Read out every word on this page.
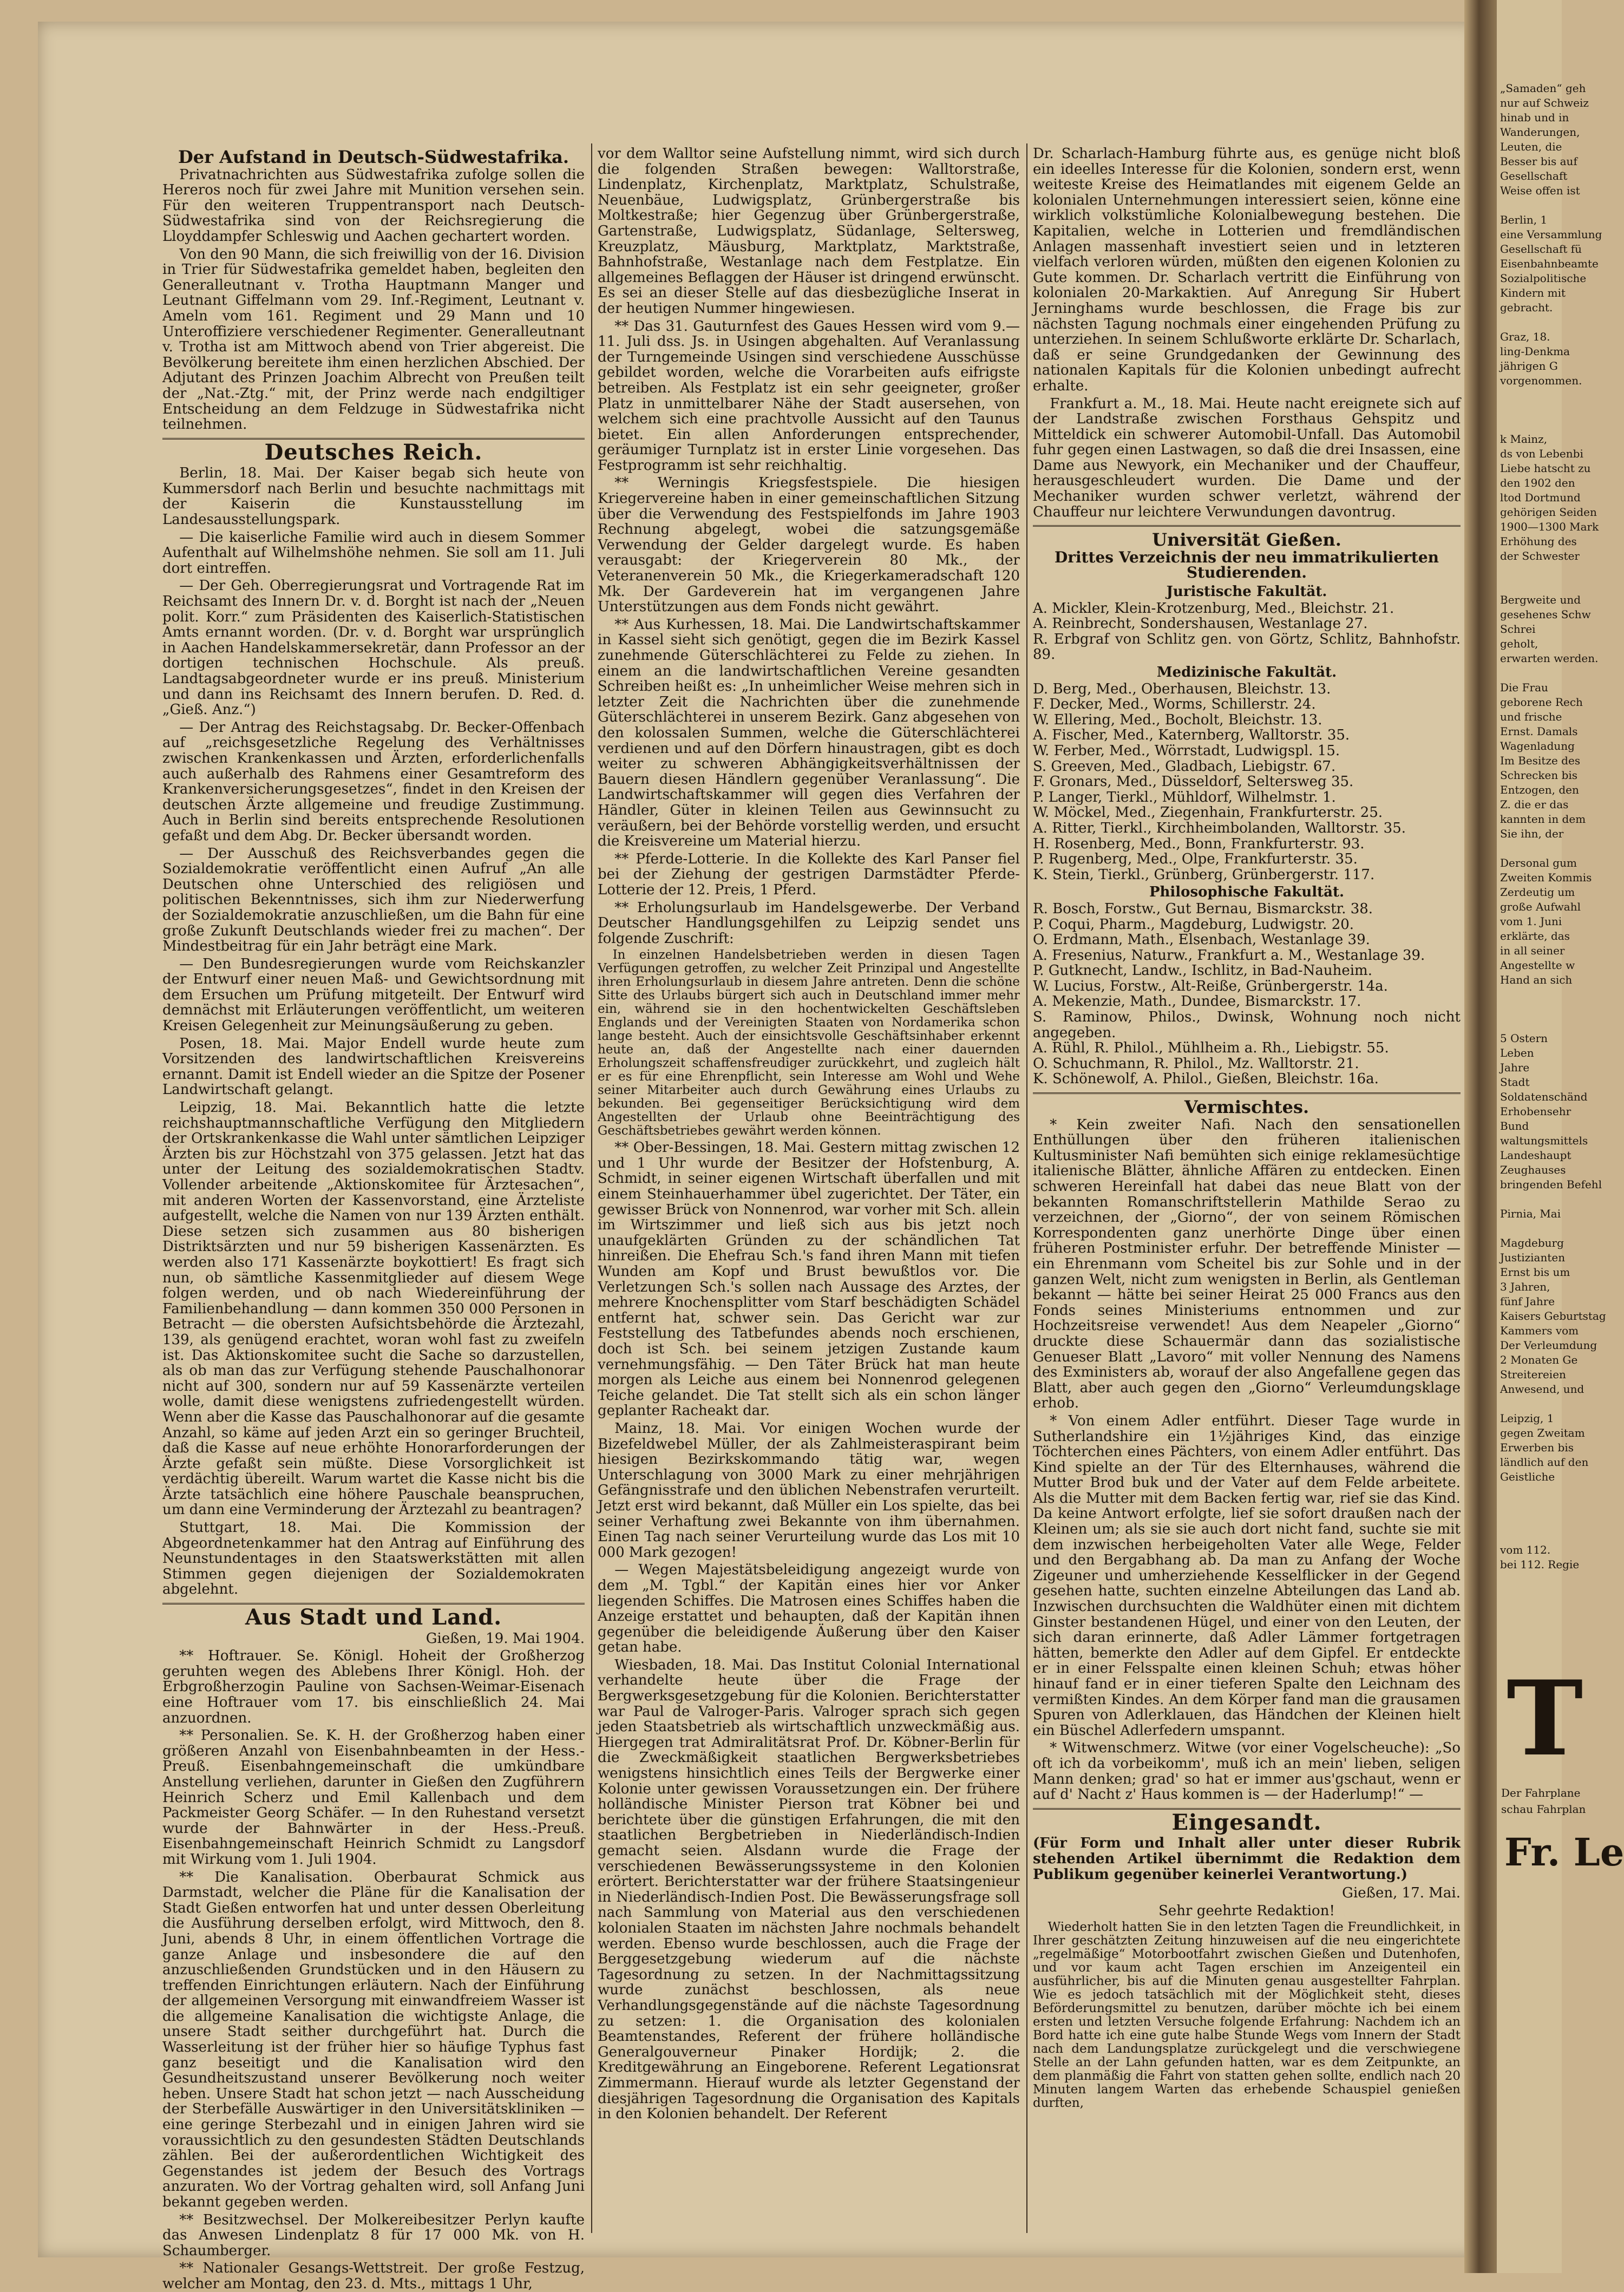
Der Aufstand in Deutsch-Südwestafrika.

Privatnachrichten aus Südwestafrika zufolge sollen die Hereros noch für zwei Jahre mit Munition versehen sein. Für den weiteren Truppentransport nach Deutsch-Südwestafrika sind von der Reichsregierung die Lloyddampfer Schleswig und Aachen gechartert worden.

Von den 90 Mann, die sich freiwillig von der 16. Division in Trier für Südwestafrika gemeldet haben, begleiten den Generalleutnant v. Trotha Hauptmann Manger und Leutnant Giffelmann vom 29. Inf.-Regiment, Leutnant v. Ameln vom 161. Regiment und 29 Mann und 10 Unteroffiziere verschiedener Regimenter. Generalleutnant v. Trotha ist am Mittwoch abend von Trier abgereist. Die Bevölkerung bereitete ihm einen herzlichen Abschied. Der Adjutant des Prinzen Joachim Albrecht von Preußen teilt der „Nat.-Ztg.“ mit, der Prinz werde nach endgiltiger Entscheidung an dem Feldzuge in Südwestafrika nicht teilnehmen.

Deutsches Reich.

Berlin, 18. Mai. Der Kaiser begab sich heute von Kummersdorf nach Berlin und besuchte nachmittags mit der Kaiserin die Kunstausstellung im Landesausstellungspark.

— Die kaiserliche Familie wird auch in diesem Sommer Aufenthalt auf Wilhelmshöhe nehmen. Sie soll am 11. Juli dort eintreffen.

— Der Geh. Oberregierungsrat und Vortragende Rat im Reichsamt des Innern Dr. v. d. Borght ist nach der „Neuen polit. Korr.“ zum Präsidenten des Kaiserlich-Statistischen Amts ernannt worden. (Dr. v. d. Borght war ursprünglich in Aachen Handelskammersekretär, dann Professor an der dortigen technischen Hochschule. Als preuß. Landtagsabgeordneter wurde er ins preuß. Ministerium und dann ins Reichsamt des Innern berufen. D. Red. d. „Gieß. Anz.“)

— Der Antrag des Reichstagsabg. Dr. Becker-Offenbach auf „reichsgesetzliche Regelung des Verhältnisses zwischen Krankenkassen und Ärzten, erforderlichenfalls auch außerhalb des Rahmens einer Gesamtreform des Krankenversicherungsgesetzes“, findet in den Kreisen der deutschen Ärzte allgemeine und freudige Zustimmung. Auch in Berlin sind bereits entsprechende Resolutionen gefaßt und dem Abg. Dr. Becker übersandt worden.

— Der Ausschuß des Reichsverbandes gegen die Sozialdemokratie veröffentlicht einen Aufruf „An alle Deutschen ohne Unterschied des religiösen und politischen Bekenntnisses, sich ihm zur Niederwerfung der Sozialdemokratie anzuschließen, um die Bahn für eine große Zukunft Deutschlands wieder frei zu machen“. Der Mindestbeitrag für ein Jahr beträgt eine Mark.

— Den Bundesregierungen wurde vom Reichskanzler der Entwurf einer neuen Maß- und Gewichtsordnung mit dem Ersuchen um Prüfung mitgeteilt. Der Entwurf wird demnächst mit Erläuterungen veröffentlicht, um weiteren Kreisen Gelegenheit zur Meinungsäußerung zu geben.

Posen, 18. Mai. Major Endell wurde heute zum Vorsitzenden des landwirtschaftlichen Kreisvereins ernannt. Damit ist Endell wieder an die Spitze der Posener Landwirtschaft gelangt.

Leipzig, 18. Mai. Bekanntlich hatte die letzte reichshauptmannschaftliche Verfügung den Mitgliedern der Ortskrankenkasse die Wahl unter sämtlichen Leipziger Ärzten bis zur Höchstzahl von 375 gelassen. Jetzt hat das unter der Leitung des sozialdemokratischen Stadtv. Vollender arbeitende „Aktionskomitee für Ärztesachen“, mit anderen Worten der Kassenvorstand, eine Ärzteliste aufgestellt, welche die Namen von nur 139 Ärzten enthält. Diese setzen sich zusammen aus 80 bisherigen Distriktsärzten und nur 59 bisherigen Kassenärzten. Es werden also 171 Kassenärzte boykottiert! Es fragt sich nun, ob sämtliche Kassenmitglieder auf diesem Wege folgen werden, und ob nach Wiedereinführung der Familienbehandlung — dann kommen 350 000 Personen in Betracht — die obersten Aufsichtsbehörde die Ärztezahl, 139, als genügend erachtet, woran wohl fast zu zweifeln ist. Das Aktionskomitee sucht die Sache so darzustellen, als ob man das zur Verfügung stehende Pauschalhonorar nicht auf 300, sondern nur auf 59 Kassenärzte verteilen wolle, damit diese wenigstens zufriedengestellt würden. Wenn aber die Kasse das Pauschalhonorar auf die gesamte Anzahl, so käme auf jeden Arzt ein so geringer Bruchteil, daß die Kasse auf neue erhöhte Honorarforderungen der Ärzte gefaßt sein müßte. Diese Vorsorglichkeit ist verdächtig übereilt. Warum wartet die Kasse nicht bis die Ärzte tatsächlich eine höhere Pauschale beanspruchen, um dann eine Verminderung der Ärztezahl zu beantragen?

Stuttgart, 18. Mai. Die Kommission der Abgeordnetenkammer hat den Antrag auf Einführung des Neunstundentages in den Staatswerkstätten mit allen Stimmen gegen diejenigen der Sozialdemokraten abgelehnt.

Aus Stadt und Land.
Gießen, 19. Mai 1904.

** Hoftrauer. Se. Königl. Hoheit der Großherzog geruhten wegen des Ablebens Ihrer Königl. Hoh. der Erbgroßherzogin Pauline von Sachsen-Weimar-Eisenach eine Hoftrauer vom 17. bis einschließlich 24. Mai anzuordnen.

** Personalien. Se. K. H. der Großherzog haben einer größeren Anzahl von Eisenbahnbeamten in der Hess.-Preuß. Eisenbahngemeinschaft die umkündbare Anstellung verliehen, darunter in Gießen den Zugführern Heinrich Scherz und Emil Kallenbach und dem Packmeister Georg Schäfer. — In den Ruhestand versetzt wurde der Bahnwärter in der Hess.-Preuß. Eisenbahngemeinschaft Heinrich Schmidt zu Langsdorf mit Wirkung vom 1. Juli 1904.

** Die Kanalisation. Oberbaurat Schmick aus Darmstadt, welcher die Pläne für die Kanalisation der Stadt Gießen entworfen hat und unter dessen Oberleitung die Ausführung derselben erfolgt, wird Mittwoch, den 8. Juni, abends 8 Uhr, in einem öffentlichen Vortrage die ganze Anlage und insbesondere die auf den anzuschließenden Grundstücken und in den Häusern zu treffenden Einrichtungen erläutern. Nach der Einführung der allgemeinen Versorgung mit einwandfreiem Wasser ist die allgemeine Kanalisation die wichtigste Anlage, die unsere Stadt seither durchgeführt hat. Durch die Wasserleitung ist der früher hier so häufige Typhus fast ganz beseitigt und die Kanalisation wird den Gesundheitszustand unserer Bevölkerung noch weiter heben. Unsere Stadt hat schon jetzt — nach Ausscheidung der Sterbefälle Auswärtiger in den Universitätskliniken — eine geringe Sterbezahl und in einigen Jahren wird sie voraussichtlich zu den gesundesten Städten Deutschlands zählen. Bei der außerordentlichen Wichtigkeit des Gegenstandes ist jedem der Besuch des Vortrags anzuraten. Wo der Vortrag gehalten wird, soll Anfang Juni bekannt gegeben werden.

** Besitzwechsel. Der Molkereibesitzer Perlyn kaufte das Anwesen Lindenplatz 8 für 17 000 Mk. von H. Schaumberger.

** Nationaler Gesangs-Wettstreit. Der große Festzug, welcher am Montag, den 23. d. Mts., mittags 1 Uhr,

vor dem Walltor seine Aufstellung nimmt, wird sich durch die folgenden Straßen bewegen: Walltorstraße, Lindenplatz, Kirchenplatz, Marktplatz, Schulstraße, Neuenbäue, Ludwigsplatz, Grünbergerstraße bis Moltkestraße; hier Gegenzug über Grünbergerstraße, Gartenstraße, Ludwigsplatz, Südanlage, Seltersweg, Kreuzplatz, Mäusburg, Marktplatz, Marktstraße, Bahnhofstraße, Westanlage nach dem Festplatze. Ein allgemeines Beflaggen der Häuser ist dringend erwünscht. Es sei an dieser Stelle auf das diesbezügliche Inserat in der heutigen Nummer hingewiesen.

** Das 31. Gauturnfest des Gaues Hessen wird vom 9.—11. Juli dss. Js. in Usingen abgehalten. Auf Veranlassung der Turngemeinde Usingen sind verschiedene Ausschüsse gebildet worden, welche die Vorarbeiten aufs eifrigste betreiben. Als Festplatz ist ein sehr geeigneter, großer Platz in unmittelbarer Nähe der Stadt ausersehen, von welchem sich eine prachtvolle Aussicht auf den Taunus bietet. Ein allen Anforderungen entsprechender, geräumiger Turnplatz ist in erster Linie vorgesehen. Das Festprogramm ist sehr reichhaltig.

** Werningis Kriegsfestspiele. Die hiesigen Kriegervereine haben in einer gemeinschaftlichen Sitzung über die Verwendung des Festspielfonds im Jahre 1903 Rechnung abgelegt, wobei die satzungsgemäße Verwendung der Gelder dargelegt wurde. Es haben verausgabt: der Kriegerverein 80 Mk., der Veteranenverein 50 Mk., die Kriegerkameradschaft 120 Mk. Der Gardeverein hat im vergangenen Jahre Unterstützungen aus dem Fonds nicht gewährt.

** Aus Kurhessen, 18. Mai. Die Landwirtschaftskammer in Kassel sieht sich genötigt, gegen die im Bezirk Kassel zunehmende Güterschlächterei zu Felde zu ziehen. In einem an die landwirtschaftlichen Vereine gesandten Schreiben heißt es: „In unheimlicher Weise mehren sich in letzter Zeit die Nachrichten über die zunehmende Güterschlächterei in unserem Bezirk. Ganz abgesehen von den kolossalen Summen, welche die Güterschlächterei verdienen und auf den Dörfern hinaustragen, gibt es doch weiter zu schweren Abhängigkeitsverhältnissen der Bauern diesen Händlern gegenüber Veranlassung“. Die Landwirtschaftskammer will gegen dies Verfahren der Händler, Güter in kleinen Teilen aus Gewinnsucht zu veräußern, bei der Behörde vorstellig werden, und ersucht die Kreisvereine um Material hierzu.

** Pferde-Lotterie. In die Kollekte des Karl Panser fiel bei der Ziehung der gestrigen Darmstädter Pferde-Lotterie der 12. Preis, 1 Pferd.

** Erholungsurlaub im Handelsgewerbe. Der Verband Deutscher Handlungsgehilfen zu Leipzig sendet uns folgende Zuschrift:

In einzelnen Handelsbetrieben werden in diesen Tagen Verfügungen getroffen, zu welcher Zeit Prinzipal und Angestellte ihren Erholungsurlaub in diesem Jahre antreten. Denn die schöne Sitte des Urlaubs bürgert sich auch in Deutschland immer mehr ein, während sie in den hochentwickelten Geschäftsleben Englands und der Vereinigten Staaten von Nordamerika schon lange besteht. Auch der einsichtsvolle Geschäftsinhaber erkennt heute an, daß der Angestellte nach einer dauernden Erholungszeit schaffensfreudiger zurückkehrt, und zugleich hält er es für eine Ehrenpflicht, sein Interesse am Wohl und Wehe seiner Mitarbeiter auch durch Gewährung eines Urlaubs zu bekunden. Bei gegenseitiger Berücksichtigung wird dem Angestellten der Urlaub ohne Beeinträchtigung des Geschäftsbetriebes gewährt werden können.

** Ober-Bessingen, 18. Mai. Gestern mittag zwischen 12 und 1 Uhr wurde der Besitzer der Hofstenburg, A. Schmidt, in seiner eigenen Wirtschaft überfallen und mit einem Steinhauerhammer übel zugerichtet. Der Täter, ein gewisser Brück von Nonnenrod, war vorher mit Sch. allein im Wirtszimmer und ließ sich aus bis jetzt noch unaufgeklärten Gründen zu der schändlichen Tat hinreißen. Die Ehefrau Sch.'s fand ihren Mann mit tiefen Wunden am Kopf und Brust bewußtlos vor. Die Verletzungen Sch.'s sollen nach Aussage des Arztes, der mehrere Knochensplitter vom Starf beschädigten Schädel entfernt hat, schwer sein. Das Gericht war zur Feststellung des Tatbefundes abends noch erschienen, doch ist Sch. bei seinem jetzigen Zustande kaum vernehmungsfähig. — Den Täter Brück hat man heute morgen als Leiche aus einem bei Nonnenrod gelegenen Teiche gelandet. Die Tat stellt sich als ein schon länger geplanter Racheakt dar.

Mainz, 18. Mai. Vor einigen Wochen wurde der Bizefeldwebel Müller, der als Zahlmeisteraspirant beim hiesigen Bezirkskommando tätig war, wegen Unterschlagung von 3000 Mark zu einer mehrjährigen Gefängnisstrafe und den üblichen Nebenstrafen verurteilt. Jetzt erst wird bekannt, daß Müller ein Los spielte, das bei seiner Verhaftung zwei Bekannte von ihm übernahmen. Einen Tag nach seiner Verurteilung wurde das Los mit 10 000 Mark gezogen!

— Wegen Majestätsbeleidigung angezeigt wurde von dem „M. Tgbl.“ der Kapitän eines hier vor Anker liegenden Schiffes. Die Matrosen eines Schiffes haben die Anzeige erstattet und behaupten, daß der Kapitän ihnen gegenüber die beleidigende Äußerung über den Kaiser getan habe.

Wiesbaden, 18. Mai. Das Institut Colonial International verhandelte heute über die Frage der Bergwerksgesetzgebung für die Kolonien. Berichterstatter war Paul de Valroger-Paris. Valroger sprach sich gegen jeden Staatsbetrieb als wirtschaftlich unzweckmäßig aus. Hiergegen trat Admiralitätsrat Prof. Dr. Köbner-Berlin für die Zweckmäßigkeit staatlichen Bergwerksbetriebes wenigstens hinsichtlich eines Teils der Bergwerke einer Kolonie unter gewissen Voraussetzungen ein. Der frühere holländische Minister Pierson trat Köbner bei und berichtete über die günstigen Erfahrungen, die mit den staatlichen Bergbetrieben in Niederländisch-Indien gemacht seien. Alsdann wurde die Frage der verschiedenen Bewässerungssysteme in den Kolonien erörtert. Berichterstatter war der frühere Staatsingenieur in Niederländisch-Indien Post. Die Bewässerungsfrage soll nach Sammlung von Material aus den verschiedenen kolonialen Staaten im nächsten Jahre nochmals behandelt werden. Ebenso wurde beschlossen, auch die Frage der Berggesetzgebung wiederum auf die nächste Tagesordnung zu setzen. In der Nachmittagssitzung wurde zunächst beschlossen, als neue Verhandlungsgegenstände auf die nächste Tagesordnung zu setzen: 1. die Organisation des kolonialen Beamtenstandes, Referent der frühere holländische Generalgouverneur Pinaker Hordijk; 2. die Kreditgewährung an Eingeborene. Referent Legationsrat Zimmermann. Hierauf wurde als letzter Gegenstand der diesjährigen Tagesordnung die Organisation des Kapitals in den Kolonien behandelt. Der Referent

Dr. Scharlach-Hamburg führte aus, es genüge nicht bloß ein ideelles Interesse für die Kolonien, sondern erst, wenn weiteste Kreise des Heimatlandes mit eigenem Gelde an kolonialen Unternehmungen interessiert seien, könne eine wirklich volkstümliche Kolonialbewegung bestehen. Die Kapitalien, welche in Lotterien und fremdländischen Anlagen massenhaft investiert seien und in letzteren vielfach verloren würden, müßten den eigenen Kolonien zu Gute kommen. Dr. Scharlach vertritt die Einführung von kolonialen 20-Markaktien. Auf Anregung Sir Hubert Jerninghams wurde beschlossen, die Frage bis zur nächsten Tagung nochmals einer eingehenden Prüfung zu unterziehen. In seinem Schlußworte erklärte Dr. Scharlach, daß er seine Grundgedanken der Gewinnung des nationalen Kapitals für die Kolonien unbedingt aufrecht erhalte.

Frankfurt a. M., 18. Mai. Heute nacht ereignete sich auf der Landstraße zwischen Forsthaus Gehspitz und Mitteldick ein schwerer Automobil-Unfall. Das Automobil fuhr gegen einen Lastwagen, so daß die drei Insassen, eine Dame aus Newyork, ein Mechaniker und der Chauffeur, herausgeschleudert wurden. Die Dame und der Mechaniker wurden schwer verletzt, während der Chauffeur nur leichtere Verwundungen davontrug.

Universität Gießen.
Drittes Verzeichnis der neu immatrikulierten Studierenden.
Juristische Fakultät.
A. Mickler, Klein-Krotzenburg, Med., Bleichstr. 21.
A. Reinbrecht, Sondershausen, Westanlage 27.
R. Erbgraf von Schlitz gen. von Görtz, Schlitz, Bahnhofstr. 89.
Medizinische Fakultät.
D. Berg, Med., Oberhausen, Bleichstr. 13.
F. Decker, Med., Worms, Schillerstr. 24.
W. Ellering, Med., Bocholt, Bleichstr. 13.
A. Fischer, Med., Katernberg, Walltorstr. 35.
W. Ferber, Med., Wörrstadt, Ludwigspl. 15.
S. Greeven, Med., Gladbach, Liebigstr. 67.
F. Gronars, Med., Düsseldorf, Seltersweg 35.
P. Langer, Tierkl., Mühldorf, Wilhelmstr. 1.
W. Möckel, Med., Ziegenhain, Frankfurterstr. 25.
A. Ritter, Tierkl., Kirchheimbolanden, Walltorstr. 35.
H. Rosenberg, Med., Bonn, Frankfurterstr. 93.
P. Rugenberg, Med., Olpe, Frankfurterstr. 35.
K. Stein, Tierkl., Grünberg, Grünbergerstr. 117.
Philosophische Fakultät.
R. Bosch, Forstw., Gut Bernau, Bismarckstr. 38.
P. Coqui, Pharm., Magdeburg, Ludwigstr. 20.
O. Erdmann, Math., Elsenbach, Westanlage 39.
A. Fresenius, Naturw., Frankfurt a. M., Westanlage 39.
P. Gutknecht, Landw., Ischlitz, in Bad-Nauheim.
W. Lucius, Forstw., Alt-Reiße, Grünbergerstr. 14a.
A. Mekenzie, Math., Dundee, Bismarckstr. 17.
S. Raminow, Philos., Dwinsk, Wohnung noch nicht angegeben.
A. Rühl, R. Philol., Mühlheim a. Rh., Liebigstr. 55.
O. Schuchmann, R. Philol., Mz. Walltorstr. 21.
K. Schönewolf, A. Philol., Gießen, Bleichstr. 16a.
Vermischtes.

* Kein zweiter Nafi. Nach den sensationellen Enthüllungen über den früheren italienischen Kultusminister Nafi bemühten sich einige reklamesüchtige italienische Blätter, ähnliche Affären zu entdecken. Einen schweren Hereinfall hat dabei das neue Blatt von der bekannten Romanschriftstellerin Mathilde Serao zu verzeichnen, der „Giorno“, der von seinem Römischen Korrespondenten ganz unerhörte Dinge über einen früheren Postminister erfuhr. Der betreffende Minister — ein Ehrenmann vom Scheitel bis zur Sohle und in der ganzen Welt, nicht zum wenigsten in Berlin, als Gentleman bekannt — hätte bei seiner Heirat 25 000 Francs aus den Fonds seines Ministeriums entnommen und zur Hochzeitsreise verwendet! Aus dem Neapeler „Giorno“ druckte diese Schauermär dann das sozialistische Genueser Blatt „Lavoro“ mit voller Nennung des Namens des Exministers ab, worauf der also Angefallene gegen das Blatt, aber auch gegen den „Giorno“ Verleumdungsklage erhob.

* Von einem Adler entführt. Dieser Tage wurde in Sutherlandshire ein 1½jähriges Kind, das einzige Töchterchen eines Pächters, von einem Adler entführt. Das Kind spielte an der Tür des Elternhauses, während die Mutter Brod buk und der Vater auf dem Felde arbeitete. Als die Mutter mit dem Backen fertig war, rief sie das Kind. Da keine Antwort erfolgte, lief sie sofort draußen nach der Kleinen um; als sie sie auch dort nicht fand, suchte sie mit dem inzwischen herbeigeholten Vater alle Wege, Felder und den Bergabhang ab. Da man zu Anfang der Woche Zigeuner und umherziehende Kesselflicker in der Gegend gesehen hatte, suchten einzelne Abteilungen das Land ab. Inzwischen durchsuchten die Waldhüter einen mit dichtem Ginster bestandenen Hügel, und einer von den Leuten, der sich daran erinnerte, daß Adler Lämmer fortgetragen hätten, bemerkte den Adler auf dem Gipfel. Er entdeckte er in einer Felsspalte einen kleinen Schuh; etwas höher hinauf fand er in einer tieferen Spalte den Leichnam des vermißten Kindes. An dem Körper fand man die grausamen Spuren von Adlerklauen, das Händchen der Kleinen hielt ein Büschel Adlerfedern umspannt.

* Witwenschmerz. Witwe (vor einer Vogelscheuche): „So oft ich da vorbeikomm', muß ich an mein' lieben, seligen Mann denken; grad' so hat er immer aus'gschaut, wenn er auf d' Nacht z' Haus kommen is — der Haderlump!“ —

Eingesandt.

(Für Form und Inhalt aller unter dieser Rubrik stehenden Artikel übernimmt die Redaktion dem Publikum gegenüber keinerlei Verantwortung.)

Gießen, 17. Mai.

Sehr geehrte Redaktion!

Wiederholt hatten Sie in den letzten Tagen die Freundlichkeit, in Ihrer geschätzten Zeitung hinzuweisen auf die neu eingerichtete „regelmäßige“ Motorbootfahrt zwischen Gießen und Dutenhofen, und vor kaum acht Tagen erschien im Anzeigenteil ein ausführlicher, bis auf die Minuten genau ausgestellter Fahrplan. Wie es jedoch tatsächlich mit der Möglichkeit steht, dieses Beförderungsmittel zu benutzen, darüber möchte ich bei einem ersten und letzten Versuche folgende Erfahrung: Nachdem ich an Bord hatte ich eine gute halbe Stunde Wegs vom Innern der Stadt nach dem Landungsplatze zurückgelegt und die verschwiegene Stelle an der Lahn gefunden hatten, war es dem Zeitpunkte, an dem planmäßig die Fahrt von statten gehen sollte, endlich nach 20 Minuten langem Warten das erhebende Schauspiel genießen durften,

„Samaden“ geh
nur auf Schweiz
hinab und in
Wanderungen,
Leuten, die
Besser bis auf
Gesellschaft
Weise offen ist

Berlin, 1
eine Versammlung
Gesellschaft fü
Eisenbahnbeamte
Sozialpolitische
Kindern mit
gebracht.

Graz, 18.
ling-Denkma
jährigen G
vorgenommen.

k Mainz,
ds von Lebenbi
Liebe hatscht zu
den 1902 den
ltod Dortmund
gehörigen Seiden
1900—1300 Mark
Erhöhung des
der Schwester

Bergweite und
gesehenes Schw
Schrei
geholt,
erwarten werden.

Die Frau
geborene Rech
und frische
Ernst. Damals
Wagenladung
Im Besitze des
Schrecken bis
Entzogen, den
Z. die er das
kannten in dem
Sie ihn, der

Dersonal gum
Zweiten Kommis
Zerdeutig um
große Aufwahl
vom 1. Juni
erklärte, das
in all seiner
Angestellte w
Hand an sich

5 Ostern
Leben
Jahre
Stadt
Soldatenschänd
Erhobensehr
Bund
waltungsmittels
Landeshaupt
Zeughauses
bringenden Befehl

Pirnia, Mai

Magdeburg
Justizianten
Ernst bis um
3 Jahren,
fünf Jahre
Kaisers Geburtstag
Kammers vom
Der Verleumdung
2 Monaten Ge
Streitereien
Anwesend, und

Leipzig, 1
gegen Zweitam
Erwerben bis
ländlich auf den
Geistliche

vom 112.
bei 112. Regie
T
Fr. Le
Der Fahrplane
schau Fahrplan
